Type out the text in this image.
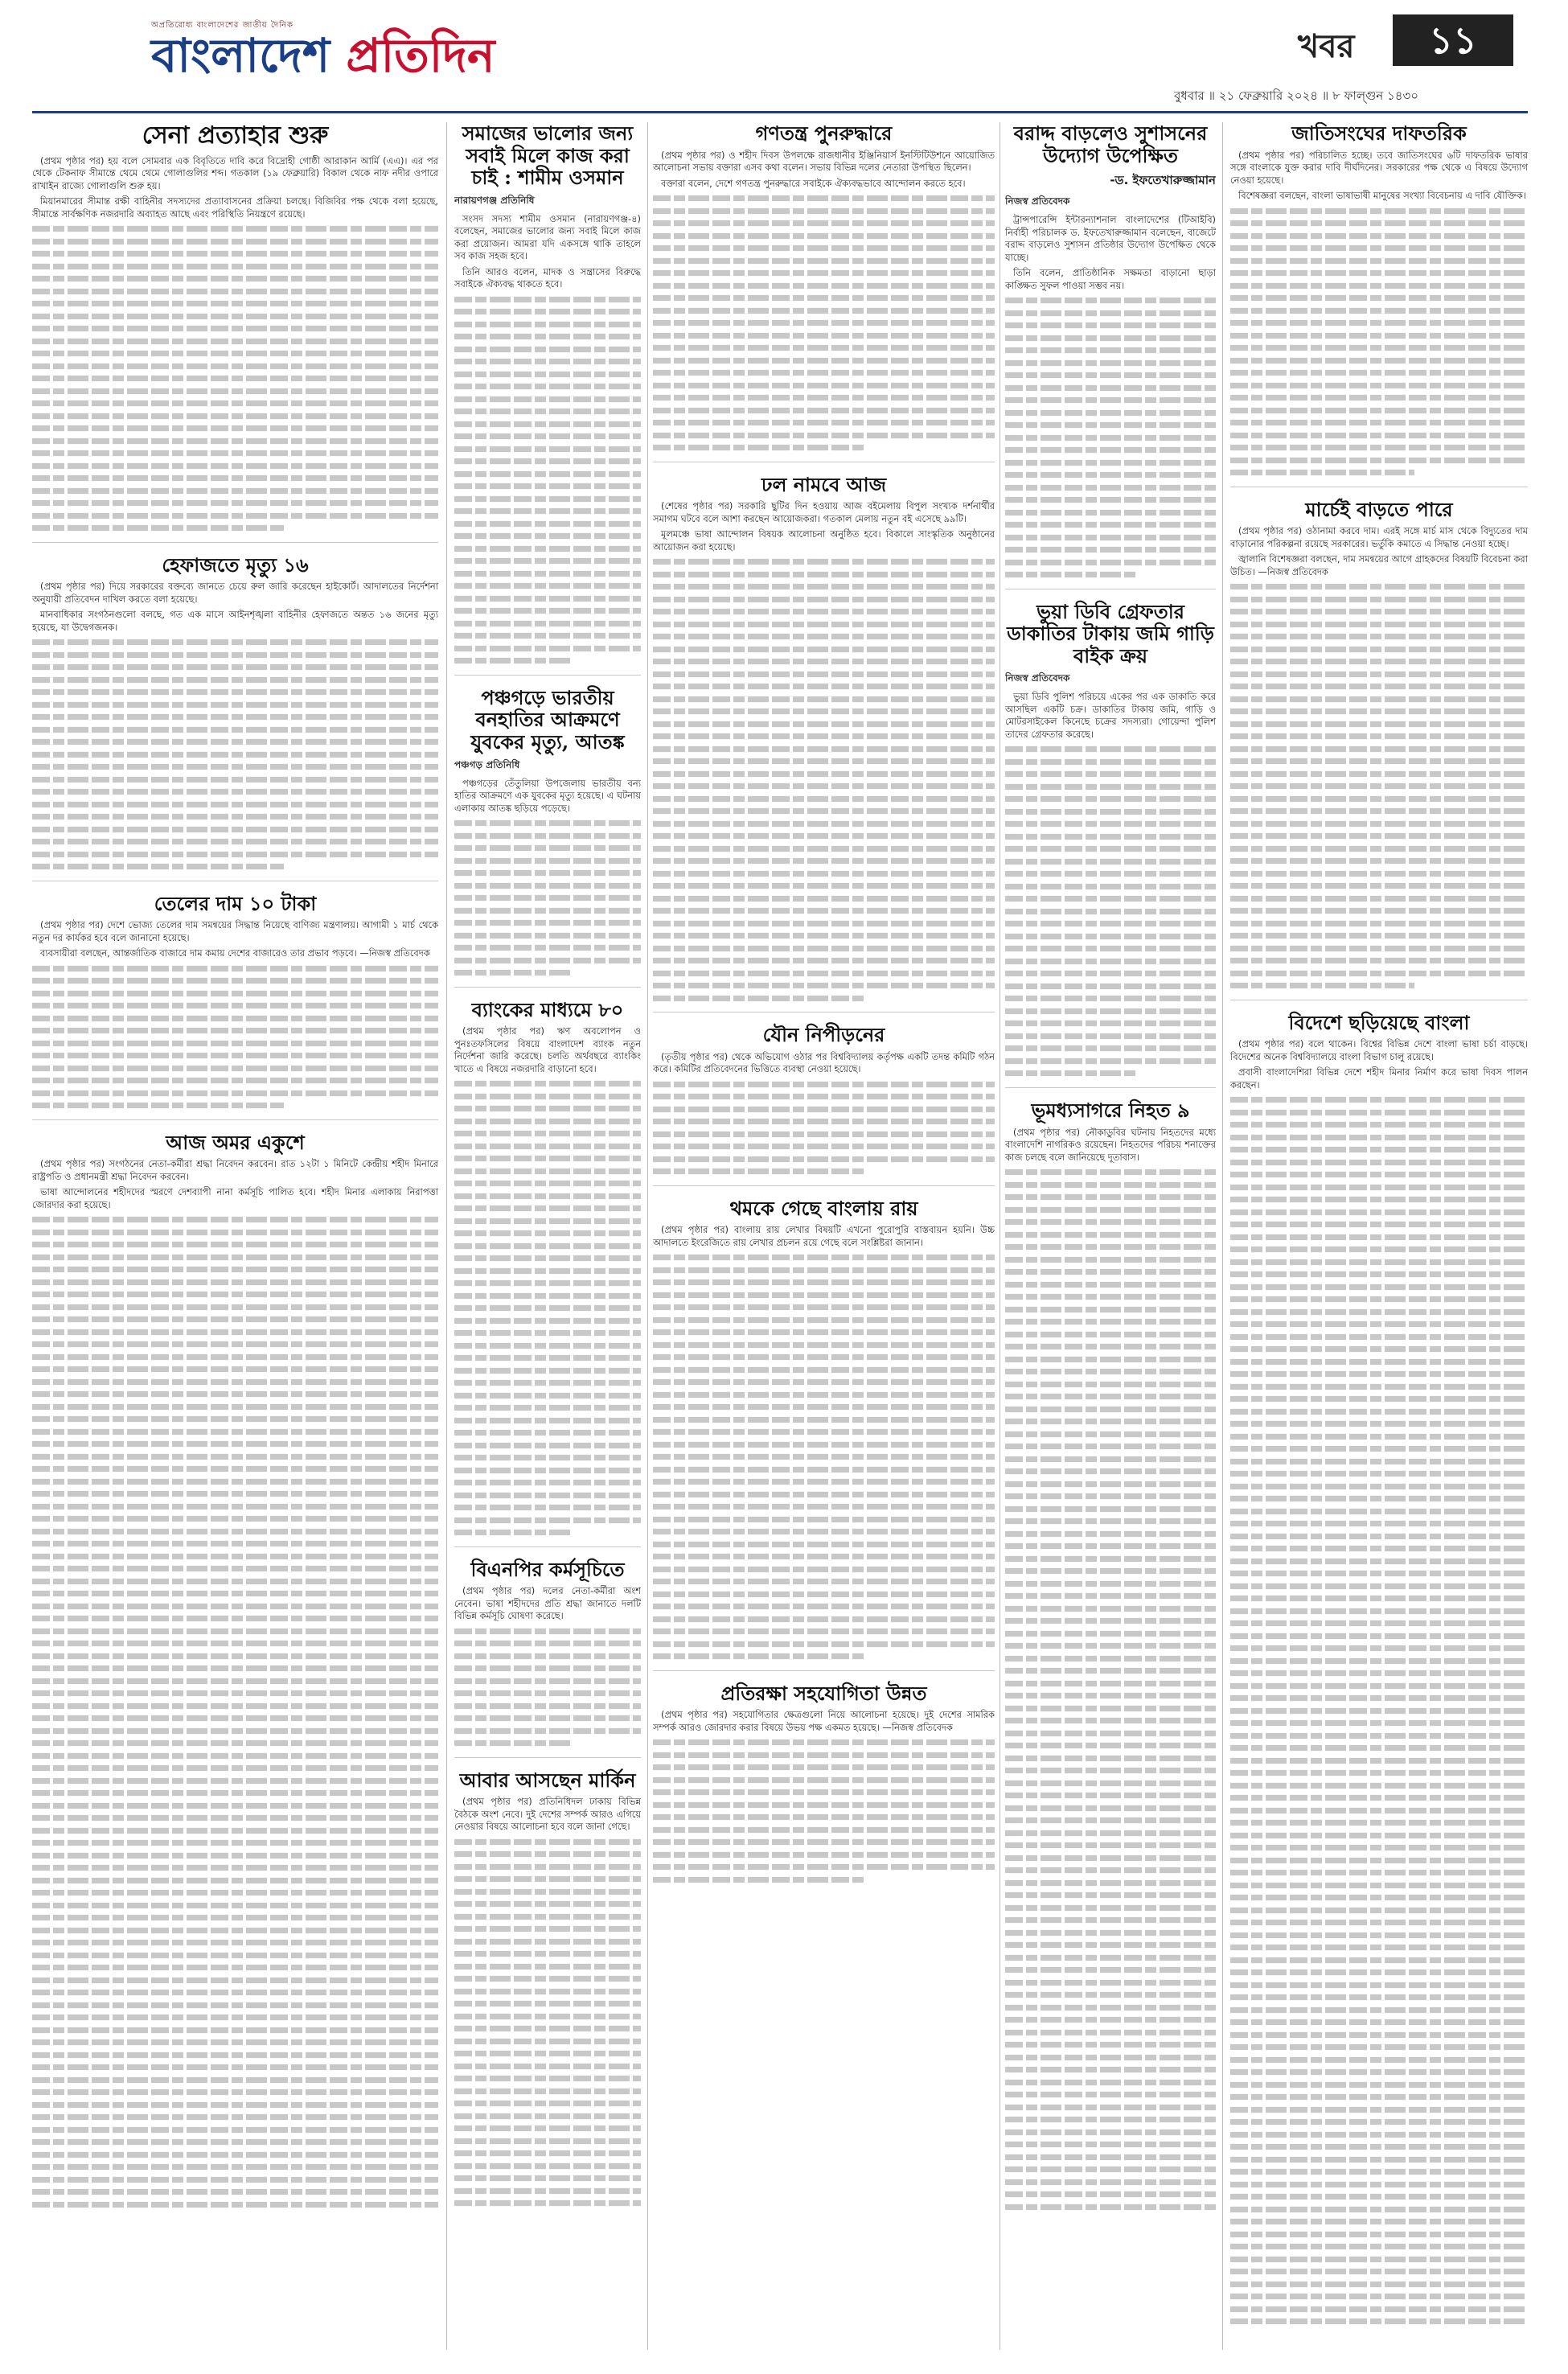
অপ্রতিরোধ্য বাংলাদেশের জাতীয় দৈনিক
বাংলাদেশ প্রতিদিন	খবর	১১
বুধবার ॥ ২১ ফেব্রুয়ারি ২০২৪ ॥ ৮ ফাল্গুন ১৪৩০
সেনা প্রত্যাহার শুরু

(প্রথম পৃষ্ঠার পর) হয় বলে সোমবার এক বিবৃতিতে দাবি করে বিদ্রোহী গোষ্ঠী আরাকান আর্মি (এএ)। এর পর থেকে টেকনাফ সীমান্তে থেমে থেমে গোলাগুলির শব্দ। গতকাল (১৯ ফেব্রুয়ারি) বিকাল থেকে নাফ নদীর ওপারে রাখাইন রাজ্যে গোলাগুলি শুরু হয়।

মিয়ানমারের সীমান্ত রক্ষী বাহিনীর সদস্যদের প্রত্যাবাসনের প্রক্রিয়া চলছে। বিজিবির পক্ষ থেকে বলা হয়েছে, সীমান্তে সার্বক্ষণিক নজরদারি অব্যাহত আছে এবং পরিস্থিতি নিয়ন্ত্রণে রয়েছে।

হেফাজতে মৃত্যু ১৬

(প্রথম পৃষ্ঠার পর) দিয়ে সরকারের বক্তব্যে জানতে চেয়ে রুল জারি করেছেন হাইকোর্ট। আদালতের নির্দেশনা অনুযায়ী প্রতিবেদন দাখিল করতে বলা হয়েছে।

মানবাধিকার সংগঠনগুলো বলছে, গত এক মাসে আইনশৃঙ্খলা বাহিনীর হেফাজতে অন্তত ১৬ জনের মৃত্যু হয়েছে, যা উদ্বেগজনক।

তেলের দাম ১০ টাকা

(প্রথম পৃষ্ঠার পর) দেশে ভোজ্য তেলের দাম সমন্বয়ের সিদ্ধান্ত নিয়েছে বাণিজ্য মন্ত্রণালয়। আগামী ১ মার্চ থেকে নতুন দর কার্যকর হবে বলে জানানো হয়েছে।

ব্যবসায়ীরা বলছেন, আন্তর্জাতিক বাজারে দাম কমায় দেশের বাজারেও তার প্রভাব পড়বে। —নিজস্ব প্রতিবেদক

আজ অমর একুশে

(প্রথম পৃষ্ঠার পর) সংগঠনের নেতা-কর্মীরা শ্রদ্ধা নিবেদন করবেন। রাত ১২টা ১ মিনিটে কেন্দ্রীয় শহীদ মিনারে রাষ্ট্রপতি ও প্রধানমন্ত্রী শ্রদ্ধা নিবেদন করবেন।

ভাষা আন্দোলনের শহীদদের স্মরণে দেশব্যাপী নানা কর্মসূচি পালিত হবে। শহীদ মিনার এলাকায় নিরাপত্তা জোরদার করা হয়েছে।

সমাজের ভালোর জন্য সবাই মিলে কাজ করা চাই : শামীম ওসমান
নারায়ণগঞ্জ প্রতিনিধি

সংসদ সদস্য শামীম ওসমান (নারায়ণগঞ্জ-৪) বলেছেন, সমাজের ভালোর জন্য সবাই মিলে কাজ করা প্রয়োজন। আমরা যদি একসঙ্গে থাকি তাহলে সব কাজ সহজ হবে।

তিনি আরও বলেন, মাদক ও সন্ত্রাসের বিরুদ্ধে সবাইকে ঐক্যবদ্ধ থাকতে হবে।

পঞ্চগড়ে ভারতীয় বনহাতির আক্রমণে যুবকের মৃত্যু, আতঙ্ক
পঞ্চগড় প্রতিনিধি

পঞ্চগড়ের তেঁতুলিয়া উপজেলায় ভারতীয় বন্য হাতির আক্রমণে এক যুবকের মৃত্যু হয়েছে। এ ঘটনায় এলাকায় আতঙ্ক ছড়িয়ে পড়েছে।

ব্যাংকের মাধ্যমে ৮০

(প্রথম পৃষ্ঠার পর) ঋণ অবলোপন ও পুনঃতফসিলের বিষয়ে বাংলাদেশ ব্যাংক নতুন নির্দেশনা জারি করেছে। চলতি অর্থবছরে ব্যাংকিং খাতে এ বিষয়ে নজরদারি বাড়ানো হবে।

বিএনপির কর্মসূচিতে

(প্রথম পৃষ্ঠার পর) দলের নেতা-কর্মীরা অংশ নেবেন। ভাষা শহীদদের প্রতি শ্রদ্ধা জানাতে দলটি বিভিন্ন কর্মসূচি ঘোষণা করেছে।

আবার আসছেন মার্কিন

(প্রথম পৃষ্ঠার পর) প্রতিনিধিদল ঢাকায় বিভিন্ন বৈঠকে অংশ নেবে। দুই দেশের সম্পর্ক আরও এগিয়ে নেওয়ার বিষয়ে আলোচনা হবে বলে জানা গেছে।

গণতন্ত্র পুনরুদ্ধারে

(প্রথম পৃষ্ঠার পর) ও শহীদ দিবস উপলক্ষে রাজধানীর ইঞ্জিনিয়ার্স ইনস্টিটিউশনে আয়োজিত আলোচনা সভায় বক্তারা এসব কথা বলেন। সভায় বিভিন্ন দলের নেতারা উপস্থিত ছিলেন।

বক্তারা বলেন, দেশে গণতন্ত্র পুনরুদ্ধারে সবাইকে ঐক্যবদ্ধভাবে আন্দোলন করতে হবে।

ঢল নামবে আজ

(শেষের পৃষ্ঠার পর) সরকারি ছুটির দিন হওয়ায় আজ বইমেলায় বিপুল সংখ্যক দর্শনার্থীর সমাগম ঘটবে বলে আশা করছেন আয়োজকরা। গতকাল মেলায় নতুন বই এসেছে ৯৯টি।

মূলমঞ্চে ভাষা আন্দোলন বিষয়ক আলোচনা অনুষ্ঠিত হবে। বিকালে সাংস্কৃতিক অনুষ্ঠানের আয়োজন করা হয়েছে।

যৌন নিপীড়নের

(তৃতীয় পৃষ্ঠার পর) থেকে অভিযোগ ওঠার পর বিশ্ববিদ্যালয় কর্তৃপক্ষ একটি তদন্ত কমিটি গঠন করে। কমিটির প্রতিবেদনের ভিত্তিতে ব্যবস্থা নেওয়া হয়েছে।

থমকে গেছে বাংলায় রায়

(প্রথম পৃষ্ঠার পর) বাংলায় রায় লেখার বিষয়টি এখনো পুরোপুরি বাস্তবায়ন হয়নি। উচ্চ আদালতে ইংরেজিতে রায় লেখার প্রচলন রয়ে গেছে বলে সংশ্লিষ্টরা জানান।

প্রতিরক্ষা সহযোগিতা উন্নত

(প্রথম পৃষ্ঠার পর) সহযোগিতার ক্ষেত্রগুলো নিয়ে আলোচনা হয়েছে। দুই দেশের সামরিক সম্পর্ক আরও জোরদার করার বিষয়ে উভয় পক্ষ একমত হয়েছে। —নিজস্ব প্রতিবেদক

বরাদ্দ বাড়লেও সুশাসনের উদ্যোগ উপেক্ষিত
-ড. ইফতেখারুজ্জামান
নিজস্ব প্রতিবেদক

ট্রান্সপারেন্সি ইন্টারন্যাশনাল বাংলাদেশের (টিআইবি) নির্বাহী পরিচালক ড. ইফতেখারুজ্জামান বলেছেন, বাজেটে বরাদ্দ বাড়লেও সুশাসন প্রতিষ্ঠার উদ্যোগ উপেক্ষিত থেকে যাচ্ছে।

তিনি বলেন, প্রাতিষ্ঠানিক সক্ষমতা বাড়ানো ছাড়া কাঙ্ক্ষিত সুফল পাওয়া সম্ভব নয়।

ভুয়া ডিবি গ্রেফতার ডাকাতির টাকায় জমি গাড়ি বাইক ক্রয়
নিজস্ব প্রতিবেদক

ভুয়া ডিবি পুলিশ পরিচয়ে একের পর এক ডাকাতি করে আসছিল একটি চক্র। ডাকাতির টাকায় জমি, গাড়ি ও মোটরসাইকেল কিনেছে চক্রের সদস্যরা। গোয়েন্দা পুলিশ তাদের গ্রেফতার করেছে।

ভূমধ্যসাগরে নিহত ৯

(প্রথম পৃষ্ঠার পর) নৌকাডুবির ঘটনায় নিহতদের মধ্যে বাংলাদেশি নাগরিকও রয়েছেন। নিহতদের পরিচয় শনাক্তের কাজ চলছে বলে জানিয়েছে দূতাবাস।

জাতিসংঘের দাফতরিক

(প্রথম পৃষ্ঠার পর) পরিচালিত হচ্ছে। তবে জাতিসংঘের ৬টি দাফতরিক ভাষার সঙ্গে বাংলাকে যুক্ত করার দাবি দীর্ঘদিনের। সরকারের পক্ষ থেকে এ বিষয়ে উদ্যোগ নেওয়া হয়েছে।

বিশেষজ্ঞরা বলছেন, বাংলা ভাষাভাষী মানুষের সংখ্যা বিবেচনায় এ দাবি যৌক্তিক।

মার্চেই বাড়তে পারে

(প্রথম পৃষ্ঠার পর) ওঠানামা করবে দাম। এরই সঙ্গে মার্চ মাস থেকে বিদ্যুতের দাম বাড়ানোর পরিকল্পনা রয়েছে সরকারের। ভর্তুকি কমাতে এ সিদ্ধান্ত নেওয়া হচ্ছে।

জ্বালানি বিশেষজ্ঞরা বলছেন, দাম সমন্বয়ের আগে গ্রাহকদের বিষয়টি বিবেচনা করা উচিত। —নিজস্ব প্রতিবেদক

বিদেশে ছড়িয়েছে বাংলা

(প্রথম পৃষ্ঠার পর) বলে থাকেন। বিশ্বের বিভিন্ন দেশে বাংলা ভাষা চর্চা বাড়ছে। বিদেশের অনেক বিশ্ববিদ্যালয়ে বাংলা বিভাগ চালু রয়েছে।

প্রবাসী বাংলাদেশিরা বিভিন্ন দেশে শহীদ মিনার নির্মাণ করে ভাষা দিবস পালন করছেন।
